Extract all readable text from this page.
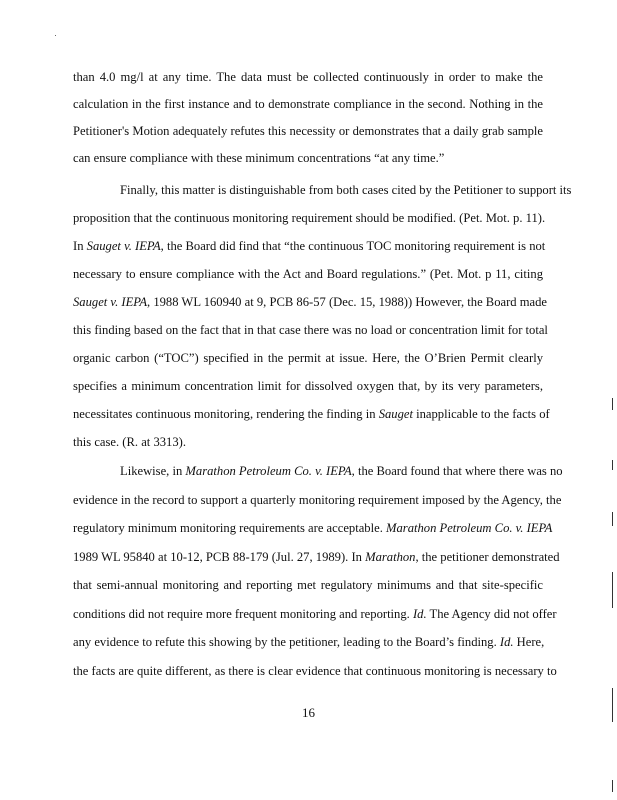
than 4.0 mg/l at any time. The data must be collected continuously in order to make the
calculation in the first instance and to demonstrate compliance in the second. Nothing in the
Petitioner's Motion adequately refutes this necessity or demonstrates that a daily grab sample
can ensure compliance with these minimum concentrations “at any time.”
Finally, this matter is distinguishable from both cases cited by the Petitioner to support its
proposition that the continuous monitoring requirement should be modified. (Pet. Mot. p. 11).
In Sauget v. IEPA, the Board did find that “the continuous TOC monitoring requirement is not
necessary to ensure compliance with the Act and Board regulations.” (Pet. Mot. p 11, citing
Sauget v. IEPA, 1988 WL 160940 at 9, PCB 86-57 (Dec. 15, 1988)) However, the Board made
this finding based on the fact that in that case there was no load or concentration limit for total
organic carbon (“TOC”) specified in the permit at issue. Here, the O’Brien Permit clearly
specifies a minimum concentration limit for dissolved oxygen that, by its very parameters,
necessitates continuous monitoring, rendering the finding in Sauget inapplicable to the facts of
this case. (R. at 3313).
Likewise, in Marathon Petroleum Co. v. IEPA, the Board found that where there was no
evidence in the record to support a quarterly monitoring requirement imposed by the Agency, the
regulatory minimum monitoring requirements are acceptable. Marathon Petroleum Co. v. IEPA
1989 WL 95840 at 10-12, PCB 88-179 (Jul. 27, 1989). In Marathon, the petitioner demonstrated
that semi-annual monitoring and reporting met regulatory minimums and that site-specific
conditions did not require more frequent monitoring and reporting. Id. The Agency did not offer
any evidence to refute this showing by the petitioner, leading to the Board’s finding. Id. Here,
the facts are quite different, as there is clear evidence that continuous monitoring is necessary to
16
